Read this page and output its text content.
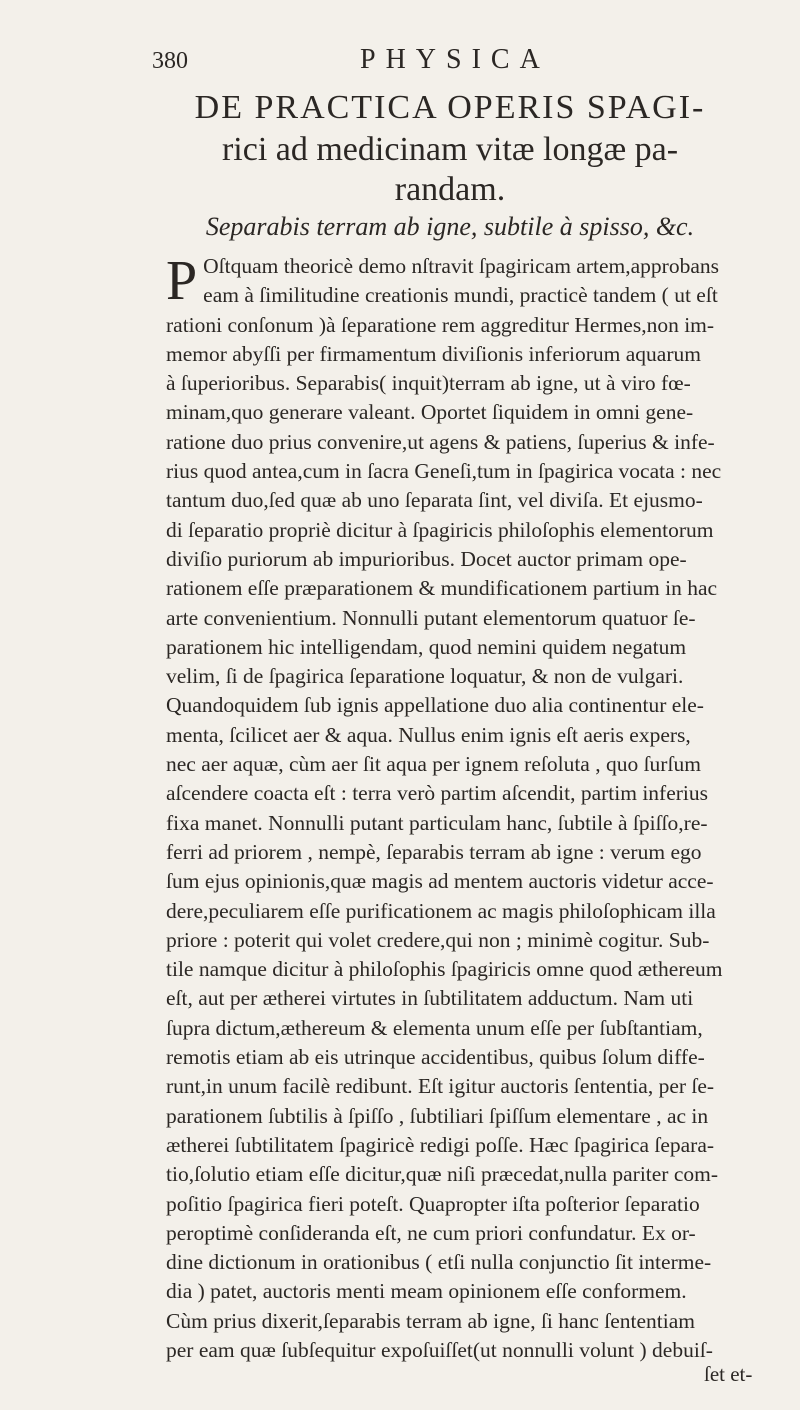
380	PHYSICA
DE PRACTICA OPERIS SPAGI-
rici ad medicinam vitæ longæ pa-
randam.
Separabis terram ab igne, subtile à spisso, &c.
P Oſtquam theoricè demo nſtravit ſpagiricam artem,approbans
eam à ſimilitudine creationis mundi, practicè tandem ( ut eſt
rationi conſonum )à ſeparatione rem aggreditur Hermes,non im-
memor abyſſi per firmamentum diviſionis inferiorum aquarum
à ſuperioribus. Separabis( inquit)terram ab igne, ut à viro fœ-
minam,quo generare valeant. Oportet ſiquidem in omni gene-
ratione duo prius convenire,ut agens & patiens, ſuperius & infe-
rius quod antea,cum in ſacra Geneſi,tum in ſpagirica vocata : nec
tantum duo,ſed quæ ab uno ſeparata ſint, vel diviſa. Et ejusmo-
di ſeparatio propriè dicitur à ſpagiricis philoſophis elementorum
diviſio puriorum ab impurioribus. Docet auctor primam ope-
rationem eſſe præparationem & mundificationem partium in hac
arte convenientium. Nonnulli putant elementorum quatuor ſe-
parationem hic intelligendam, quod nemini quidem negatum
velim, ſi de ſpagirica ſeparatione loquatur, & non de vulgari.
Quandoquidem ſub ignis appellatione duo alia continentur ele-
menta, ſcilicet aer & aqua. Nullus enim ignis eſt aeris expers,
nec aer aquæ, cùm aer ſit aqua per ignem reſoluta , quo ſurſum
aſcendere coacta eſt : terra verò partim aſcendit, partim inferius
fixa manet. Nonnulli putant particulam hanc, ſubtile à ſpiſſo,re-
ferri ad priorem , nempè, ſeparabis terram ab igne : verum ego
ſum ejus opinionis,quæ magis ad mentem auctoris videtur acce-
dere,peculiarem eſſe purificationem ac magis philoſophicam illa
priore : poterit qui volet credere,qui non ; minimè cogitur. Sub-
tile namque dicitur à philoſophis ſpagiricis omne quod æthereum
eſt, aut per ætherei virtutes in ſubtilitatem adductum. Nam uti
ſupra dictum,æthereum & elementa unum eſſe per ſubſtantiam,
remotis etiam ab eis utrinque accidentibus, quibus ſolum diffe-
runt,in unum facilè redibunt. Eſt igitur auctoris ſententia, per ſe-
parationem ſubtilis à ſpiſſo , ſubtiliari ſpiſſum elementare , ac in
ætherei ſubtilitatem ſpagiricè redigi poſſe. Hæc ſpagirica ſepara-
tio,ſolutio etiam eſſe dicitur,quæ niſi præcedat,nulla pariter com-
poſitio ſpagirica fieri poteſt. Quapropter iſta poſterior ſeparatio
peroptimè conſideranda eſt, ne cum priori confundatur. Ex or-
dine dictionum in orationibus ( etſi nulla conjunctio ſit interme-
dia ) patet, auctoris menti meam opinionem eſſe conformem.
Cùm prius dixerit,ſeparabis terram ab igne, ſi hanc ſententiam
per eam quæ ſubſequitur expoſuiſſet(ut nonnulli volunt ) debuiſ-
ſet et-
